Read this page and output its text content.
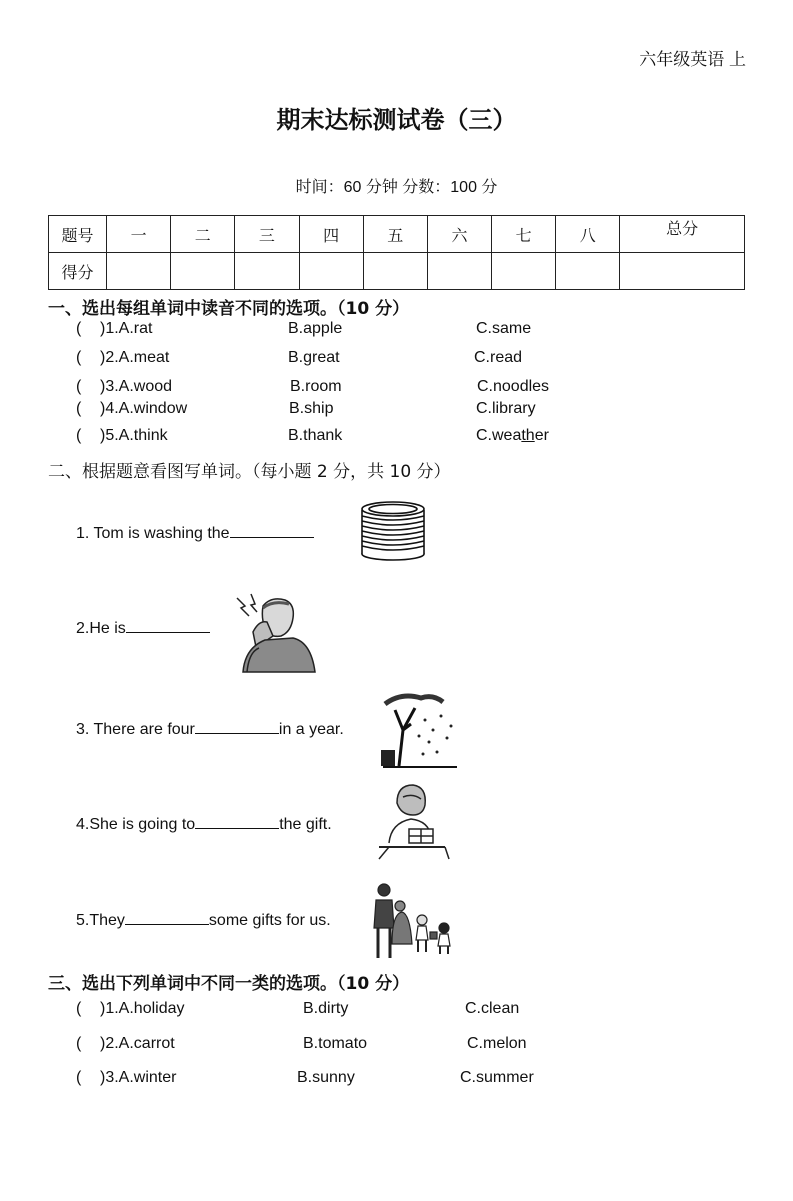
六年级英语 上
期末达标测试卷（三）
时间：60 分钟 分数：100 分
题号	一	二	三	四	五	六	七	八	总分
得分									
一、选出每组单词中读音不同的选项。（10 分）
( )1.A.rat	B.apple	C.same
( )2.A.meat	B.great	C.read
( )3.A.wood	B.room	C.noodles
( )4.A.window	B.ship	C.library
( )5.A.think	B.thank	C.weather
二、根据题意看图写单词。（每小题 2 分，共 10 分）
1. Tom is washing the
2.He is
3. There are four	in a year.
4.She is going to	the gift.
5.They	some gifts for us.
三、选出下列单词中不同一类的选项。（10 分）
( )1.A.holiday	B.dirty	C.clean
( )2.A.carrot	B.tomato	C.melon
( )3.A.winter	B.sunny	C.summer
